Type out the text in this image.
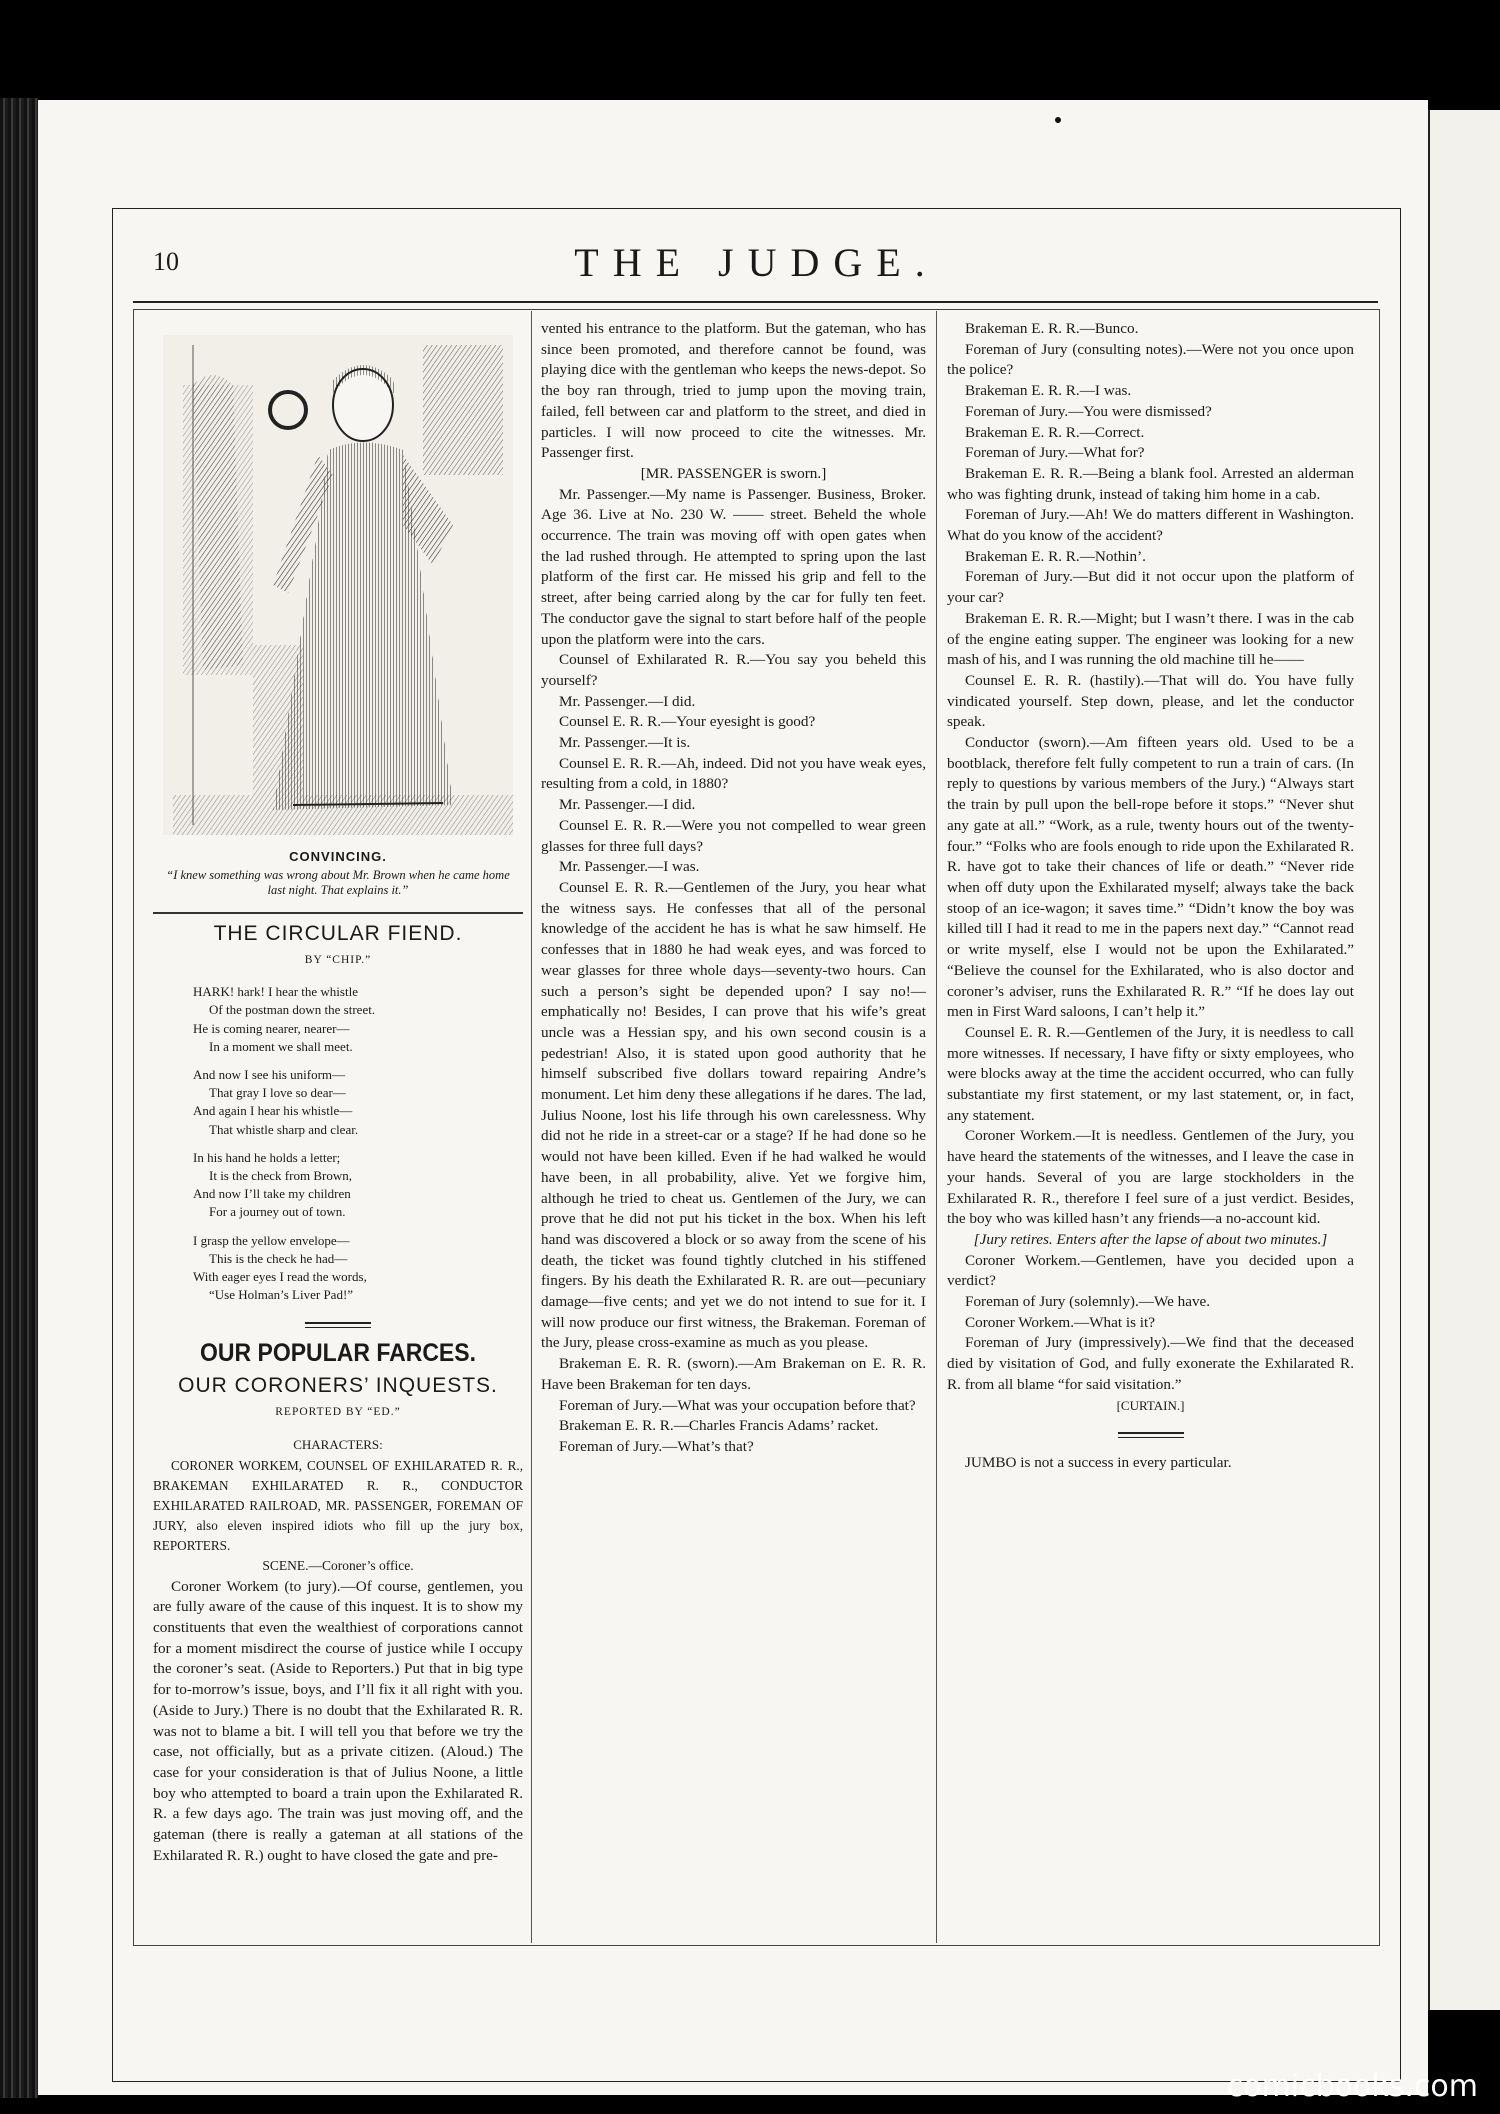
10	THE JUDGE.
CONVINCING.
“I knew something was wrong about Mr. Brown when he came home last night. That explains it.”
THE CIRCULAR FIEND.
BY “CHIP.”
HARK! hark! I hear the whistle

Of the postman down the street.
He is coming nearer, nearer—

In a moment we shall meet.
And now I see his uniform—

That gray I love so dear—
And again I hear his whistle—

That whistle sharp and clear.
In his hand he holds a letter;

It is the check from Brown,
And now I’ll take my children

For a journey out of town.
I grasp the yellow envelope—

This is the check he had—
With eager eyes I read the words,

“Use Holman’s Liver Pad!”
OUR POPULAR FARCES.
OUR CORONERS’ INQUESTS.
REPORTED BY “ED.”

CHARACTERS:

CORONER WORKEM, COUNSEL OF EXHILARATED R. R., BRAKEMAN EXHILARATED R. R., CONDUCTOR EXHILARATED RAILROAD, MR. PASSENGER, FOREMAN OF JURY, also eleven inspired idiots who fill up the jury box, REPORTERS.

SCENE.—Coroner’s office.

Coroner Workem (to jury).—Of course, gentlemen, you are fully aware of the cause of this inquest. It is to show my constituents that even the wealthiest of corporations cannot for a moment misdirect the course of justice while I occupy the coroner’s seat. (Aside to Reporters.) Put that in big type for to-morrow’s issue, boys, and I’ll fix it all right with you. (Aside to Jury.) There is no doubt that the Exhilarated R. R. was not to blame a bit. I will tell you that before we try the case, not officially, but as a private citizen. (Aloud.) The case for your consideration is that of Julius Noone, a little boy who attempted to board a train upon the Exhilarated R. R. a few days ago. The train was just moving off, and the gateman (there is really a gateman at all stations of the Exhilarated R. R.) ought to have closed the gate and pre-

vented his entrance to the platform. But the gateman, who has since been promoted, and therefore cannot be found, was playing dice with the gentleman who keeps the news-depot. So the boy ran through, tried to jump upon the moving train, failed, fell between car and platform to the street, and died in particles. I will now proceed to cite the witnesses. Mr. Passenger first.

[MR. PASSENGER is sworn.]

Mr. Passenger.—My name is Passenger. Business, Broker. Age 36. Live at No. 230 W. —— street. Beheld the whole occurrence. The train was moving off with open gates when the lad rushed through. He attempted to spring upon the last platform of the first car. He missed his grip and fell to the street, after being carried along by the car for fully ten feet. The conductor gave the signal to start before half of the people upon the platform were into the cars.

Counsel of Exhilarated R. R.—You say you beheld this yourself?

Mr. Passenger.—I did.

Counsel E. R. R.—Your eyesight is good?

Mr. Passenger.—It is.

Counsel E. R. R.—Ah, indeed. Did not you have weak eyes, resulting from a cold, in 1880?

Mr. Passenger.—I did.

Counsel E. R. R.—Were you not compelled to wear green glasses for three full days?

Mr. Passenger.—I was.

Counsel E. R. R.—Gentlemen of the Jury, you hear what the witness says. He confesses that all of the personal knowledge of the accident he has is what he saw himself. He confesses that in 1880 he had weak eyes, and was forced to wear glasses for three whole days—seventy-two hours. Can such a person’s sight be depended upon? I say no!—emphatically no! Besides, I can prove that his wife’s great uncle was a Hessian spy, and his own second cousin is a pedestrian! Also, it is stated upon good authority that he himself subscribed five dollars toward repairing Andre’s monument. Let him deny these allegations if he dares. The lad, Julius Noone, lost his life through his own carelessness. Why did not he ride in a street-car or a stage? If he had done so he would not have been killed. Even if he had walked he would have been, in all probability, alive. Yet we forgive him, although he tried to cheat us. Gentlemen of the Jury, we can prove that he did not put his ticket in the box. When his left hand was discovered a block or so away from the scene of his death, the ticket was found tightly clutched in his stiffened fingers. By his death the Exhilarated R. R. are out—pecuniary damage—five cents; and yet we do not intend to sue for it. I will now produce our first witness, the Brakeman. Foreman of the Jury, please cross-examine as much as you please.

Brakeman E. R. R. (sworn).—Am Brakeman on E. R. R. Have been Brakeman for ten days.

Foreman of Jury.—What was your occupation before that?

Brakeman E. R. R.—Charles Francis Adams’ racket.

Foreman of Jury.—What’s that?

Brakeman E. R. R.—Bunco.

Foreman of Jury (consulting notes).—Were not you once upon the police?

Brakeman E. R. R.—I was.

Foreman of Jury.—You were dismissed?

Brakeman E. R. R.—Correct.

Foreman of Jury.—What for?

Brakeman E. R. R.—Being a blank fool. Arrested an alderman who was fighting drunk, instead of taking him home in a cab.

Foreman of Jury.—Ah! We do matters different in Washington. What do you know of the accident?

Brakeman E. R. R.—Nothin’.

Foreman of Jury.—But did it not occur upon the platform of your car?

Brakeman E. R. R.—Might; but I wasn’t there. I was in the cab of the engine eating supper. The engineer was looking for a new mash of his, and I was running the old machine till he——

Counsel E. R. R. (hastily).—That will do. You have fully vindicated yourself. Step down, please, and let the conductor speak.

Conductor (sworn).—Am fifteen years old. Used to be a bootblack, therefore felt fully competent to run a train of cars. (In reply to questions by various members of the Jury.) “Always start the train by pull upon the bell-rope before it stops.” “Never shut any gate at all.” “Work, as a rule, twenty hours out of the twenty-four.” “Folks who are fools enough to ride upon the Exhilarated R. R. have got to take their chances of life or death.” “Never ride when off duty upon the Exhilarated myself; always take the back stoop of an ice-wagon; it saves time.” “Didn’t know the boy was killed till I had it read to me in the papers next day.” “Cannot read or write myself, else I would not be upon the Exhilarated.” “Believe the counsel for the Exhilarated, who is also doctor and coroner’s adviser, runs the Exhilarated R. R.” “If he does lay out men in First Ward saloons, I can’t help it.”

Counsel E. R. R.—Gentlemen of the Jury, it is needless to call more witnesses. If necessary, I have fifty or sixty employees, who were blocks away at the time the accident occurred, who can fully substantiate my first statement, or my last statement, or, in fact, any statement.

Coroner Workem.—It is needless. Gentlemen of the Jury, you have heard the statements of the witnesses, and I leave the case in your hands. Several of you are large stockholders in the Exhilarated R. R., therefore I feel sure of a just verdict. Besides, the boy who was killed hasn’t any friends—a no-account kid.

[Jury retires. Enters after the lapse of about two minutes.]

Coroner Workem.—Gentlemen, have you decided upon a verdict?

Foreman of Jury (solemnly).—We have.

Coroner Workem.—What is it?

Foreman of Jury (impressively).—We find that the deceased died by visitation of God, and fully exonerate the Exhilarated R. R. from all blame “for said visitation.”

[CURTAIN.]

JUMBO is not a success in every particular.

comicbooks.com
